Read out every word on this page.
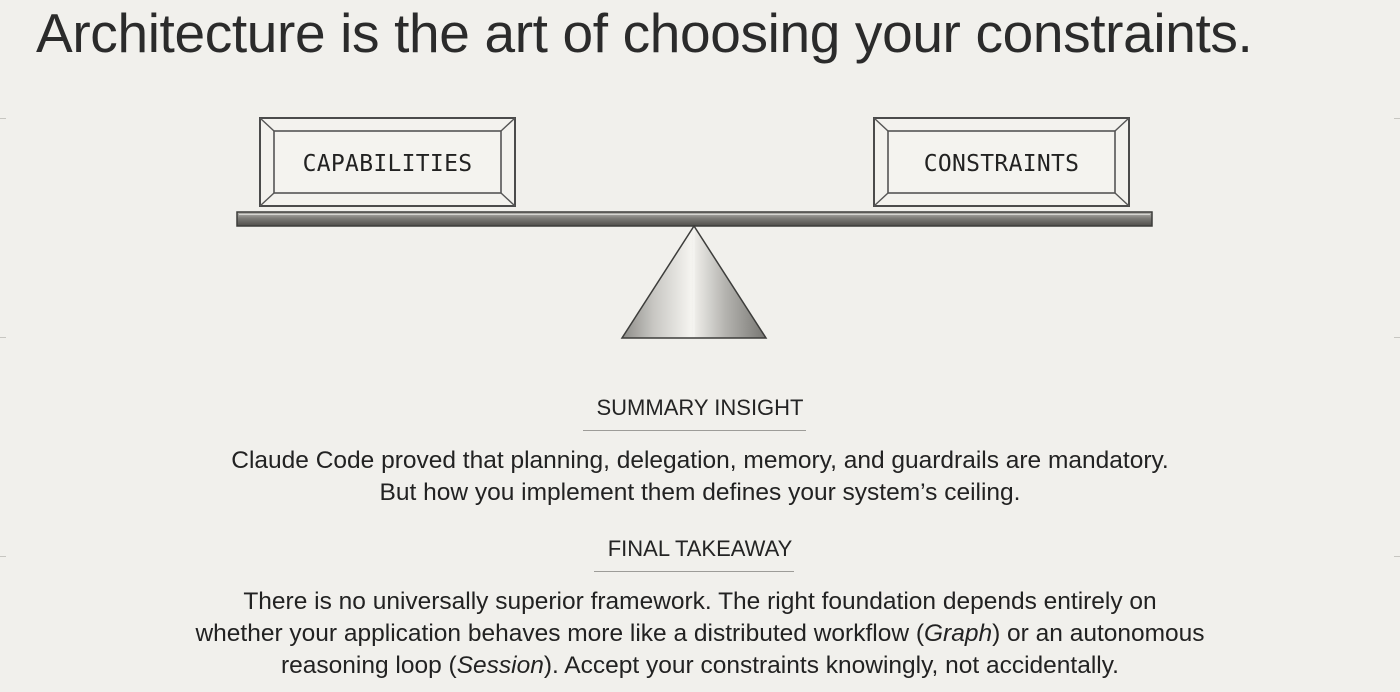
Architecture is the art of choosing your constraints.
CAPABILITIES	CONSTRAINTS
SUMMARY INSIGHT

Claude Code proved that planning, delegation, memory, and guardrails are mandatory.

But how you implement them defines your system’s ceiling.

FINAL TAKEAWAY

There is no universally superior framework. The right foundation depends entirely on

whether your application behaves more like a distributed workflow (Graph) or an autonomous

reasoning loop (Session). Accept your constraints knowingly, not accidentally.
